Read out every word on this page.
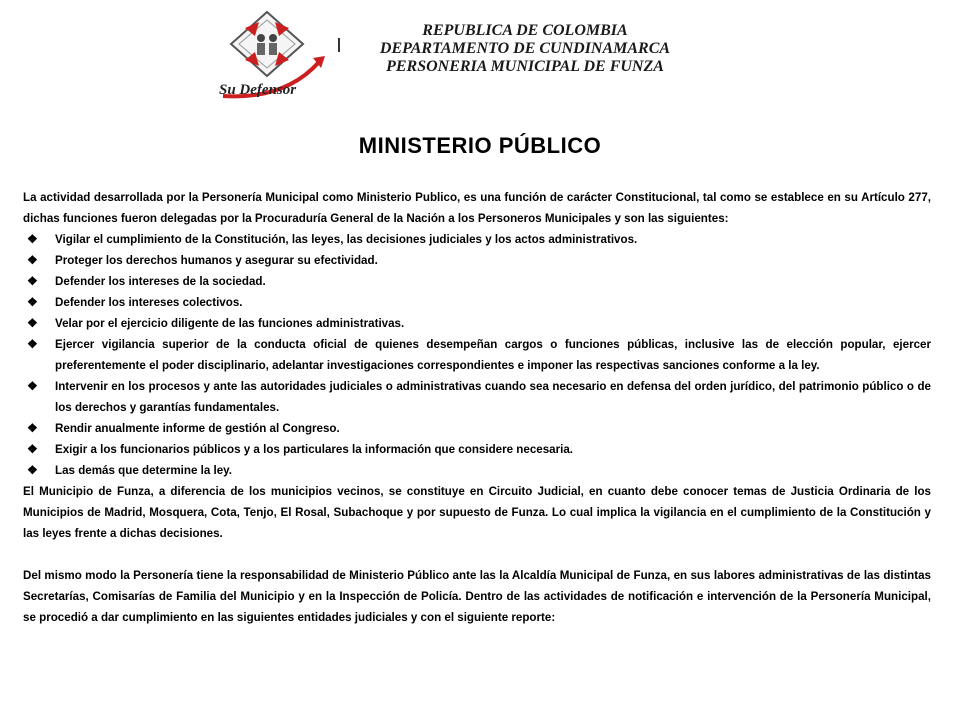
Su Defensor
REPUBLICA DE COLOMBIA
DEPARTAMENTO DE CUNDINAMARCA
PERSONERIA MUNICIPAL DE FUNZA
MINISTERIO PÚBLICO

La actividad desarrollada por la Personería Municipal como Ministerio Publico, es una función de carácter Constitucional, tal como se establece en su Artículo 277, dichas funciones fueron delegadas por la Procuraduría General de la Nación a los Personeros Municipales y son las siguientes:

❖ Vigilar el cumplimiento de la Constitución, las leyes, las decisiones judiciales y los actos administrativos.
❖ Proteger los derechos humanos y asegurar su efectividad.
❖ Defender los intereses de la sociedad.
❖ Defender los intereses colectivos.
❖ Velar por el ejercicio diligente de las funciones administrativas.
❖ Ejercer vigilancia superior de la conducta oficial de quienes desempeñan cargos o funciones públicas, inclusive las de elección popular, ejercer preferentemente el poder disciplinario, adelantar investigaciones correspondientes e imponer las respectivas sanciones conforme a la ley.
❖ Intervenir en los procesos y ante las autoridades judiciales o administrativas cuando sea necesario en defensa del orden jurídico, del patrimonio público o de los derechos y garantías fundamentales.
❖ Rendir anualmente informe de gestión al Congreso.
❖ Exigir a los funcionarios públicos y a los particulares la información que considere necesaria.
❖ Las demás que determine la ley.

El Municipio de Funza, a diferencia de los municipios vecinos, se constituye en Circuito Judicial, en cuanto debe conocer temas de Justicia Ordinaria de los Municipios de Madrid, Mosquera, Cota, Tenjo, El Rosal, Subachoque y por supuesto de Funza. Lo cual implica la vigilancia en el cumplimiento de la Constitución y las leyes frente a dichas decisiones.

Del mismo modo la Personería tiene la responsabilidad de Ministerio Público ante las la Alcaldía Municipal de Funza, en sus labores administrativas de las distintas Secretarías, Comisarías de Familia del Municipio y en la Inspección de Policía. Dentro de las actividades de notificación e intervención de la Personería Municipal, se procedió a dar cumplimiento en las siguientes entidades judiciales y con el siguiente reporte:
